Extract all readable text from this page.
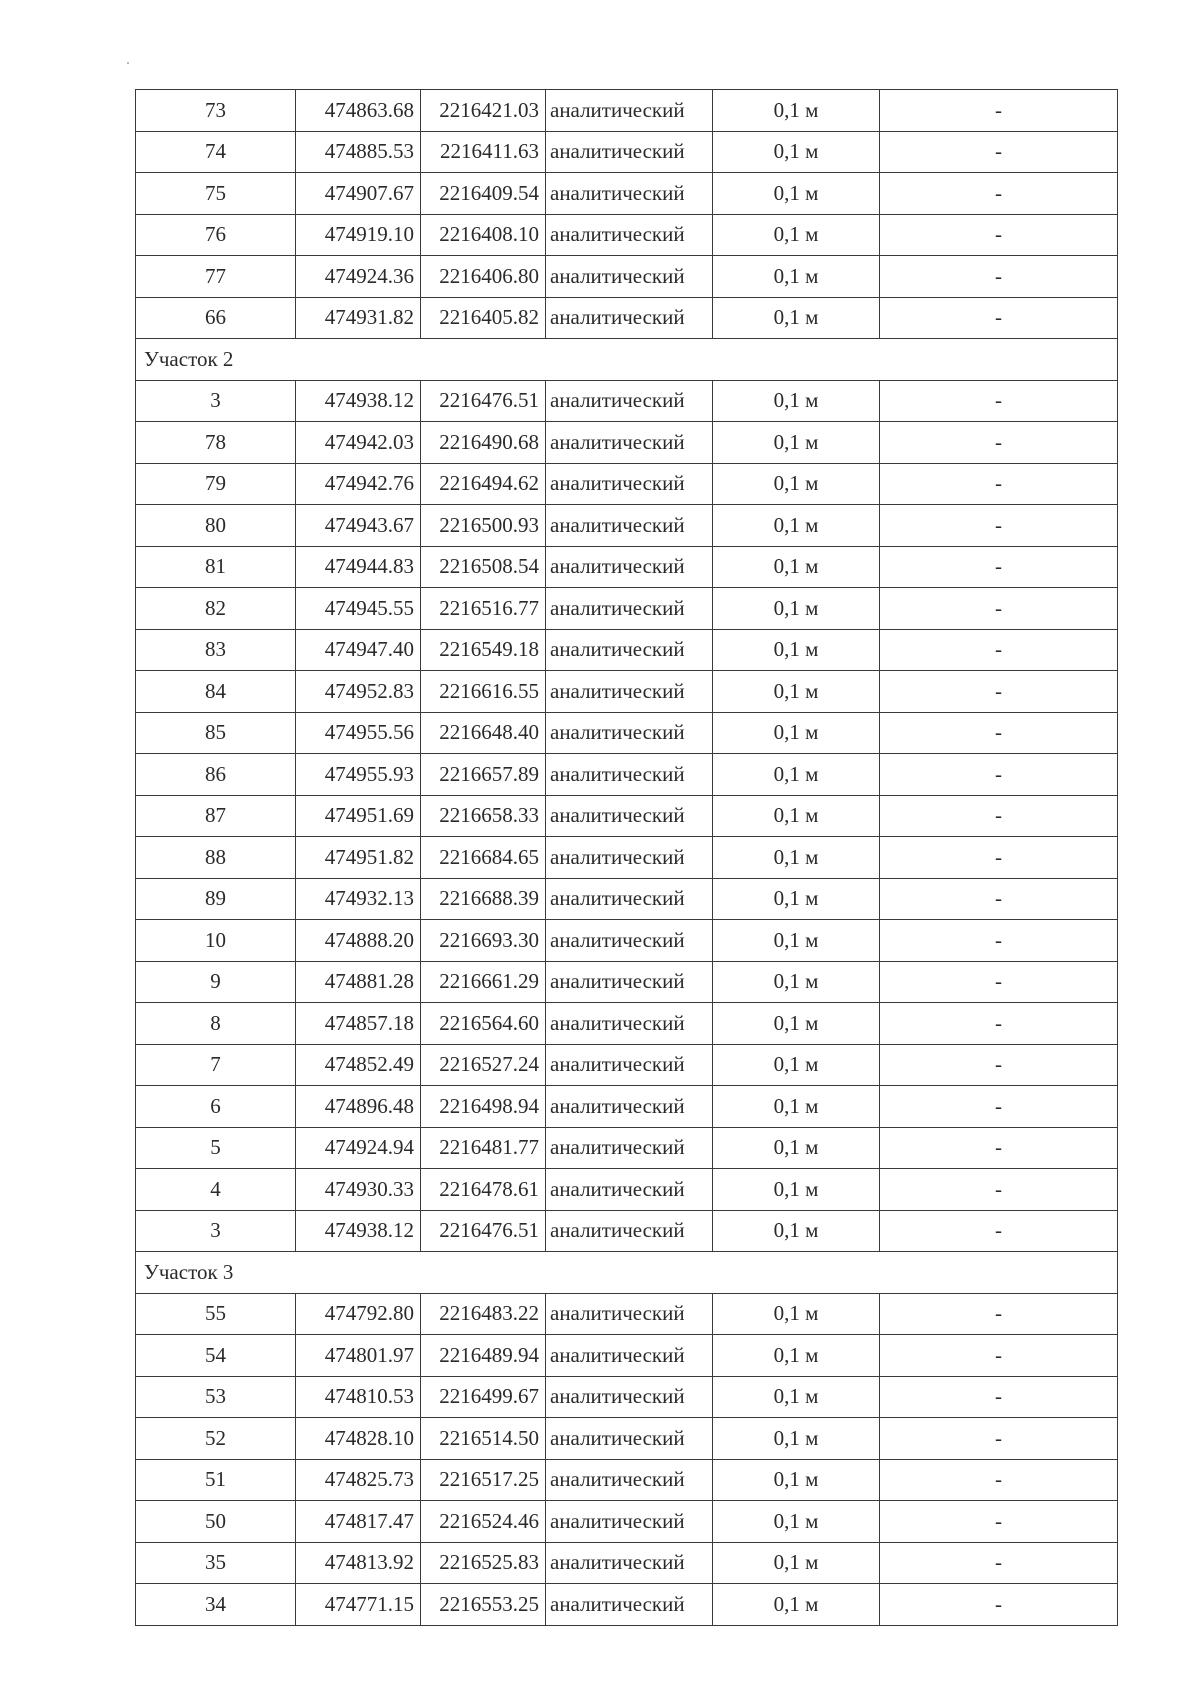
73	474863.68	2216421.03	аналитический	0,1 м	-
74	474885.53	2216411.63	аналитический	0,1 м	-
75	474907.67	2216409.54	аналитический	0,1 м	-
76	474919.10	2216408.10	аналитический	0,1 м	-
77	474924.36	2216406.80	аналитический	0,1 м	-
66	474931.82	2216405.82	аналитический	0,1 м	-
Участок 2					
3	474938.12	2216476.51	аналитический	0,1 м	-
78	474942.03	2216490.68	аналитический	0,1 м	-
79	474942.76	2216494.62	аналитический	0,1 м	-
80	474943.67	2216500.93	аналитический	0,1 м	-
81	474944.83	2216508.54	аналитический	0,1 м	-
82	474945.55	2216516.77	аналитический	0,1 м	-
83	474947.40	2216549.18	аналитический	0,1 м	-
84	474952.83	2216616.55	аналитический	0,1 м	-
85	474955.56	2216648.40	аналитический	0,1 м	-
86	474955.93	2216657.89	аналитический	0,1 м	-
87	474951.69	2216658.33	аналитический	0,1 м	-
88	474951.82	2216684.65	аналитический	0,1 м	-
89	474932.13	2216688.39	аналитический	0,1 м	-
10	474888.20	2216693.30	аналитический	0,1 м	-
9	474881.28	2216661.29	аналитический	0,1 м	-
8	474857.18	2216564.60	аналитический	0,1 м	-
7	474852.49	2216527.24	аналитический	0,1 м	-
6	474896.48	2216498.94	аналитический	0,1 м	-
5	474924.94	2216481.77	аналитический	0,1 м	-
4	474930.33	2216478.61	аналитический	0,1 м	-
3	474938.12	2216476.51	аналитический	0,1 м	-
Участок 3					
55	474792.80	2216483.22	аналитический	0,1 м	-
54	474801.97	2216489.94	аналитический	0,1 м	-
53	474810.53	2216499.67	аналитический	0,1 м	-
52	474828.10	2216514.50	аналитический	0,1 м	-
51	474825.73	2216517.25	аналитический	0,1 м	-
50	474817.47	2216524.46	аналитический	0,1 м	-
35	474813.92	2216525.83	аналитический	0,1 м	-
34	474771.15	2216553.25	аналитический	0,1 м	-
